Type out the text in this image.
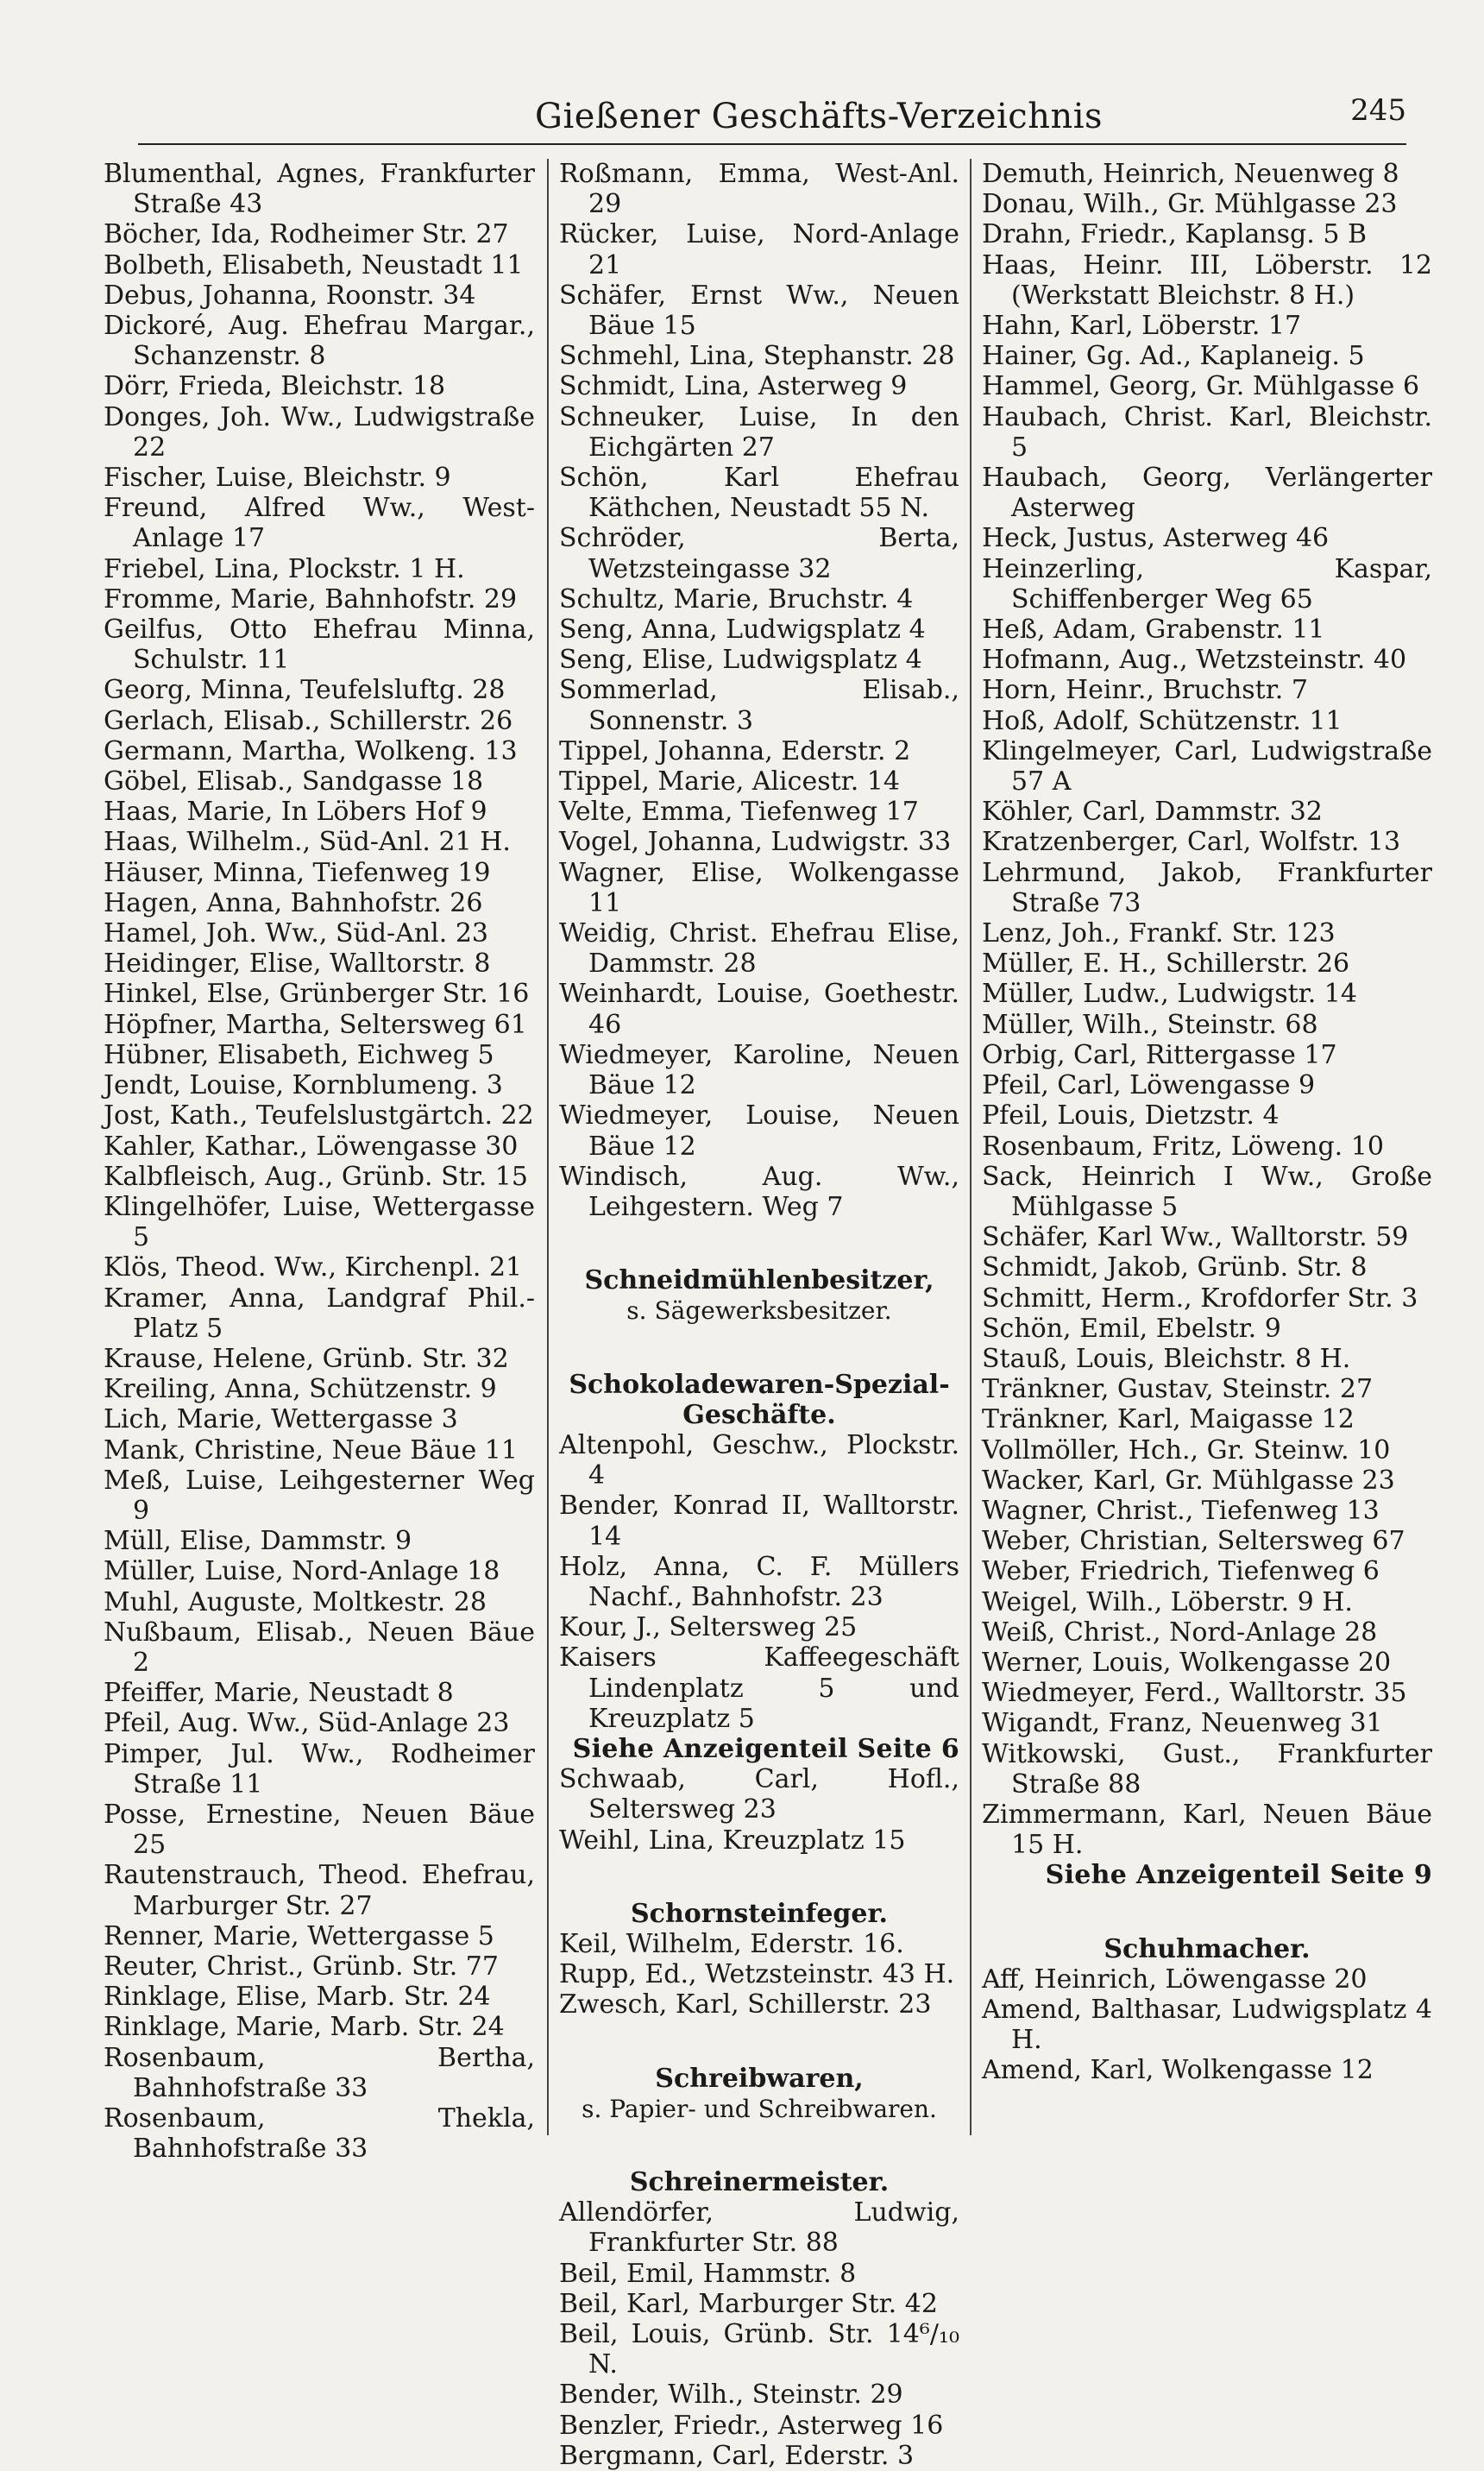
Gießener Geschäfts-Verzeichnis	245

Blumenthal, Agnes, Frankfurter Straße 43

Böcher, Ida, Rodheimer Str. 27

Bolbeth, Elisabeth, Neustadt 11

Debus, Johanna, Roonstr. 34

Dickoré, Aug. Ehefrau Margar., Schanzenstr. 8

Dörr, Frieda, Bleichstr. 18

Donges, Joh. Ww., Ludwigstraße 22

Fischer, Luise, Bleichstr. 9

Freund, Alfred Ww., West-Anlage 17

Friebel, Lina, Plockstr. 1 H.

Fromme, Marie, Bahnhofstr. 29

Geilfus, Otto Ehefrau Minna, Schulstr. 11

Georg, Minna, Teufelsluftg. 28

Gerlach, Elisab., Schillerstr. 26

Germann, Martha, Wolkeng. 13

Göbel, Elisab., Sandgasse 18

Haas, Marie, In Löbers Hof 9

Haas, Wilhelm., Süd-Anl. 21 H.

Häuser, Minna, Tiefenweg 19

Hagen, Anna, Bahnhofstr. 26

Hamel, Joh. Ww., Süd-Anl. 23

Heidinger, Elise, Walltorstr. 8

Hinkel, Else, Grünberger Str. 16

Höpfner, Martha, Seltersweg 61

Hübner, Elisabeth, Eichweg 5

Jendt, Louise, Kornblumeng. 3

Jost, Kath., Teufelslustgärtch. 22

Kahler, Kathar., Löwengasse 30

Kalbfleisch, Aug., Grünb. Str. 15

Klingelhöfer, Luise, Wettergasse 5

Klös, Theod. Ww., Kirchenpl. 21

Kramer, Anna, Landgraf Phil.-Platz 5

Krause, Helene, Grünb. Str. 32

Kreiling, Anna, Schützenstr. 9

Lich, Marie, Wettergasse 3

Mank, Christine, Neue Bäue 11

Meß, Luise, Leihgesterner Weg 9

Müll, Elise, Dammstr. 9

Müller, Luise, Nord-Anlage 18

Muhl, Auguste, Moltkestr. 28

Nußbaum, Elisab., Neuen Bäue 2

Pfeiffer, Marie, Neustadt 8

Pfeil, Aug. Ww., Süd-Anlage 23

Pimper, Jul. Ww., Rodheimer Straße 11

Posse, Ernestine, Neuen Bäue 25

Rautenstrauch, Theod. Ehefrau, Marburger Str. 27

Renner, Marie, Wettergasse 5

Reuter, Christ., Grünb. Str. 77

Rinklage, Elise, Marb. Str. 24

Rinklage, Marie, Marb. Str. 24

Rosenbaum, Bertha, Bahnhofstraße 33

Rosenbaum, Thekla, Bahnhofstraße 33

Roßmann, Emma, West-Anl. 29

Rücker, Luise, Nord-Anlage 21

Schäfer, Ernst Ww., Neuen Bäue 15

Schmehl, Lina, Stephanstr. 28

Schmidt, Lina, Asterweg 9

Schneuker, Luise, In den Eichgärten 27

Schön, Karl Ehefrau Käthchen, Neustadt 55 N.

Schröder, Berta, Wetzsteingasse 32

Schultz, Marie, Bruchstr. 4

Seng, Anna, Ludwigsplatz 4

Seng, Elise, Ludwigsplatz 4

Sommerlad, Elisab., Sonnenstr. 3

Tippel, Johanna, Ederstr. 2

Tippel, Marie, Alicestr. 14

Velte, Emma, Tiefenweg 17

Vogel, Johanna, Ludwigstr. 33

Wagner, Elise, Wolkengasse 11

Weidig, Christ. Ehefrau Elise, Dammstr. 28

Weinhardt, Louise, Goethestr. 46

Wiedmeyer, Karoline, Neuen Bäue 12

Wiedmeyer, Louise, Neuen Bäue 12

Windisch, Aug. Ww., Leihgestern. Weg 7

Schneidmühlenbesitzer,

s. Sägewerksbesitzer.

Schokoladewaren-Spezial-Geschäfte.

Altenpohl, Geschw., Plockstr. 4

Bender, Konrad II, Walltorstr. 14

Holz, Anna, C. F. Müllers Nachf., Bahnhofstr. 23

Kour, J., Seltersweg 25

Kaisers Kaffeegeschäft Lindenplatz 5 und Kreuzplatz 5

Siehe Anzeigenteil Seite 6

Schwaab, Carl, Hofl., Seltersweg 23

Weihl, Lina, Kreuzplatz 15

Schornsteinfeger.

Keil, Wilhelm, Ederstr. 16.

Rupp, Ed., Wetzsteinstr. 43 H.

Zwesch, Karl, Schillerstr. 23

Schreibwaren,

s. Papier- und Schreibwaren.

Schreinermeister.

Allendörfer, Ludwig, Frankfurter Str. 88

Beil, Emil, Hammstr. 8

Beil, Karl, Marburger Str. 42

Beil, Louis, Grünb. Str. 14⁶/₁₀ N.

Bender, Wilh., Steinstr. 29

Benzler, Friedr., Asterweg 16

Bergmann, Carl, Ederstr. 3

Demuth, Heinrich, Neuenweg 8

Donau, Wilh., Gr. Mühlgasse 23

Drahn, Friedr., Kaplansg. 5 B

Haas, Heinr. III, Löberstr. 12 (Werkstatt Bleichstr. 8 H.)

Hahn, Karl, Löberstr. 17

Hainer, Gg. Ad., Kaplaneig. 5

Hammel, Georg, Gr. Mühlgasse 6

Haubach, Christ. Karl, Bleichstr. 5

Haubach, Georg, Verlängerter Asterweg

Heck, Justus, Asterweg 46

Heinzerling, Kaspar, Schiffenberger Weg 65

Heß, Adam, Grabenstr. 11

Hofmann, Aug., Wetzsteinstr. 40

Horn, Heinr., Bruchstr. 7

Hoß, Adolf, Schützenstr. 11

Klingelmeyer, Carl, Ludwigstraße 57 A

Köhler, Carl, Dammstr. 32

Kratzenberger, Carl, Wolfstr. 13

Lehrmund, Jakob, Frankfurter Straße 73

Lenz, Joh., Frankf. Str. 123

Müller, E. H., Schillerstr. 26

Müller, Ludw., Ludwigstr. 14

Müller, Wilh., Steinstr. 68

Orbig, Carl, Rittergasse 17

Pfeil, Carl, Löwengasse 9

Pfeil, Louis, Dietzstr. 4

Rosenbaum, Fritz, Löweng. 10

Sack, Heinrich I Ww., Große Mühlgasse 5

Schäfer, Karl Ww., Walltorstr. 59

Schmidt, Jakob, Grünb. Str. 8

Schmitt, Herm., Krofdorfer Str. 3

Schön, Emil, Ebelstr. 9

Stauß, Louis, Bleichstr. 8 H.

Tränkner, Gustav, Steinstr. 27

Tränkner, Karl, Maigasse 12

Vollmöller, Hch., Gr. Steinw. 10

Wacker, Karl, Gr. Mühlgasse 23

Wagner, Christ., Tiefenweg 13

Weber, Christian, Seltersweg 67

Weber, Friedrich, Tiefenweg 6

Weigel, Wilh., Löberstr. 9 H.

Weiß, Christ., Nord-Anlage 28

Werner, Louis, Wolkengasse 20

Wiedmeyer, Ferd., Walltorstr. 35

Wigandt, Franz, Neuenweg 31

Witkowski, Gust., Frankfurter Straße 88

Zimmermann, Karl, Neuen Bäue 15 H.

Siehe Anzeigenteil Seite 9

Schuhmacher.

Aff, Heinrich, Löwengasse 20

Amend, Balthasar, Ludwigsplatz 4 H.

Amend, Karl, Wolkengasse 12
